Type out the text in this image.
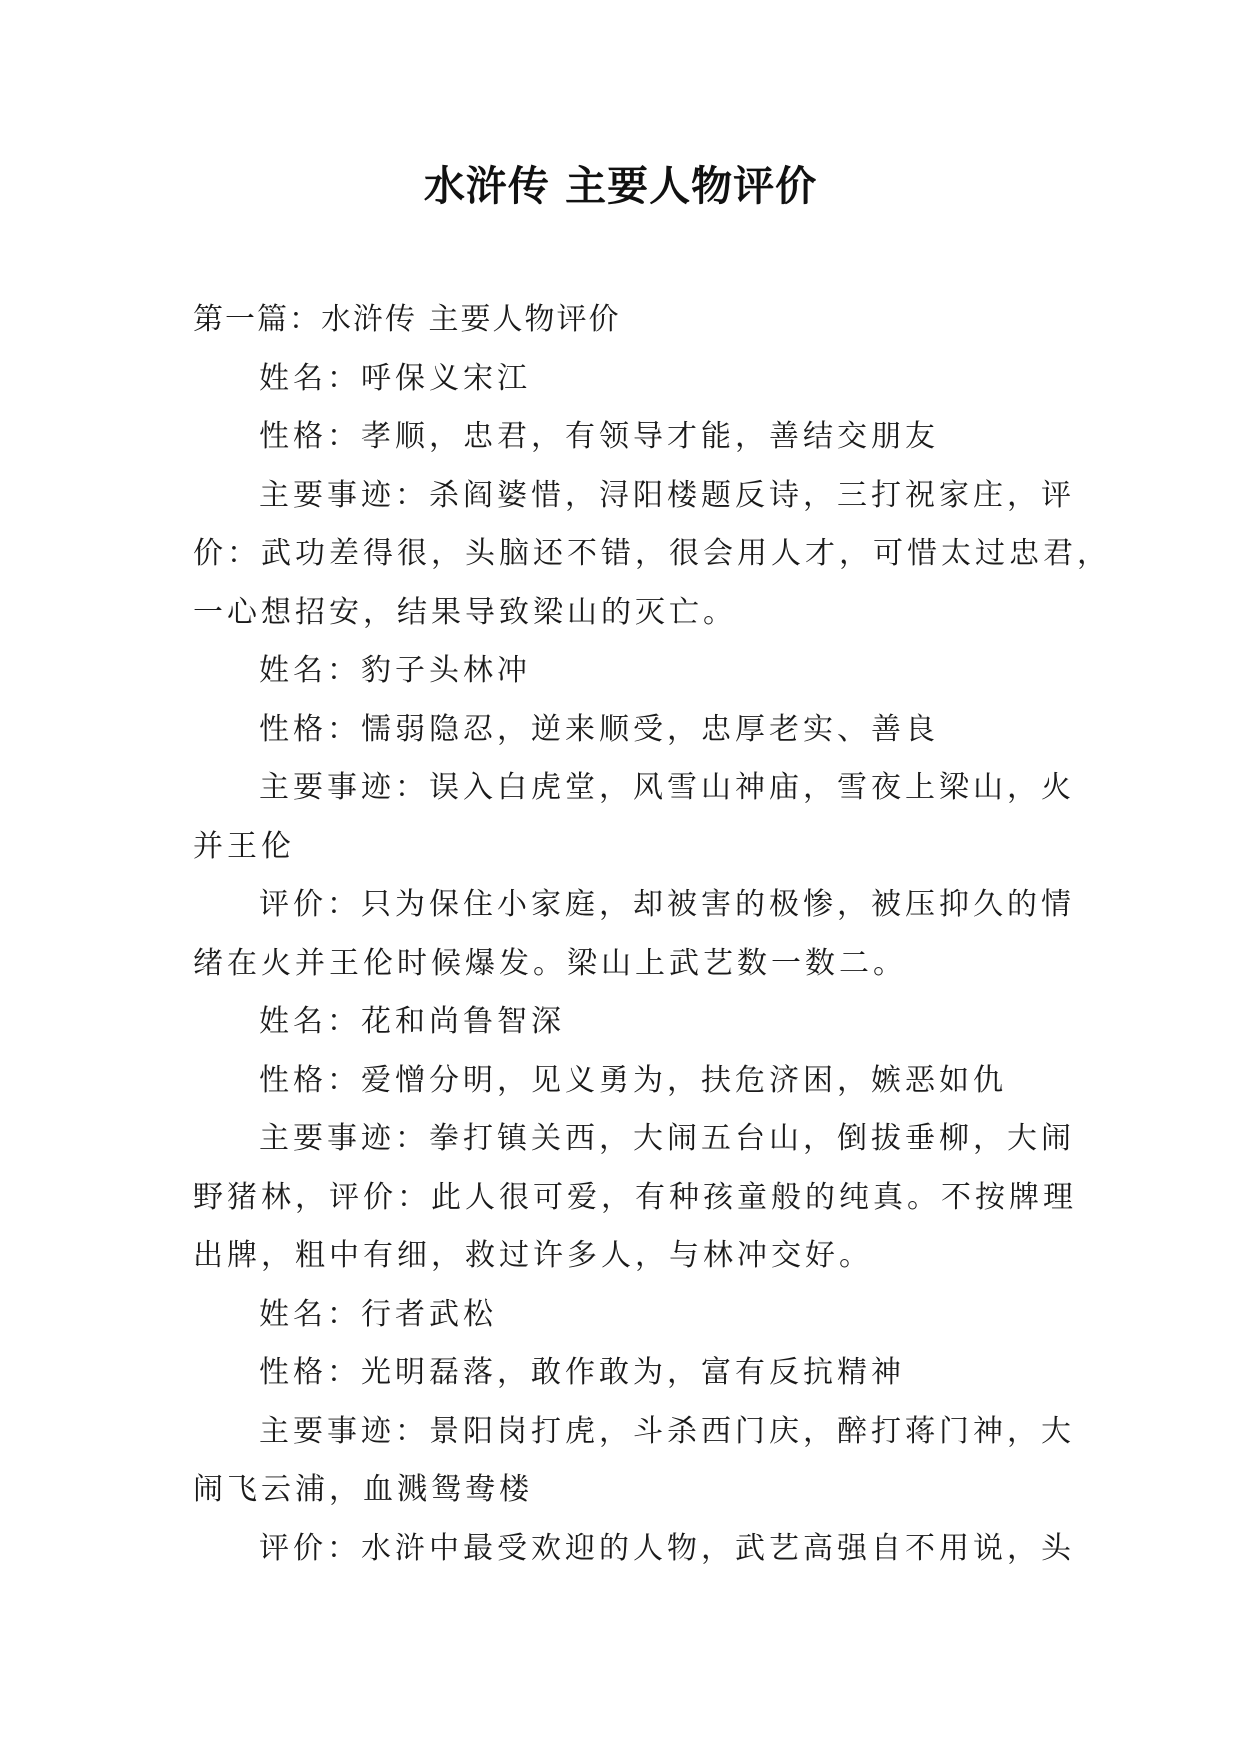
水浒传 主要人物评价
第一篇：水浒传 主要人物评价
姓名：呼保义宋江
性格：孝顺，忠君，有领导才能，善结交朋友
主要事迹：杀阎婆惜，浔阳楼题反诗，三打祝家庄，评
价：武功差得很，头脑还不错，很会用人才，可惜太过忠君，
一心想招安，结果导致梁山的灭亡。
姓名：豹子头林冲
性格：懦弱隐忍，逆来顺受，忠厚老实、善良
主要事迹：误入白虎堂，风雪山神庙，雪夜上梁山，火
并王伦
评价：只为保住小家庭，却被害的极惨，被压抑久的情
绪在火并王伦时候爆发。梁山上武艺数一数二。
姓名：花和尚鲁智深
性格：爱憎分明，见义勇为，扶危济困，嫉恶如仇
主要事迹：拳打镇关西，大闹五台山，倒拔垂柳，大闹
野猪林，评价：此人很可爱，有种孩童般的纯真。不按牌理
出牌，粗中有细，救过许多人，与林冲交好。
姓名：行者武松
性格：光明磊落，敢作敢为，富有反抗精神
主要事迹：景阳岗打虎，斗杀西门庆，醉打蒋门神，大
闹飞云浦，血溅鸳鸯楼
评价：水浒中最受欢迎的人物，武艺高强自不用说，头
